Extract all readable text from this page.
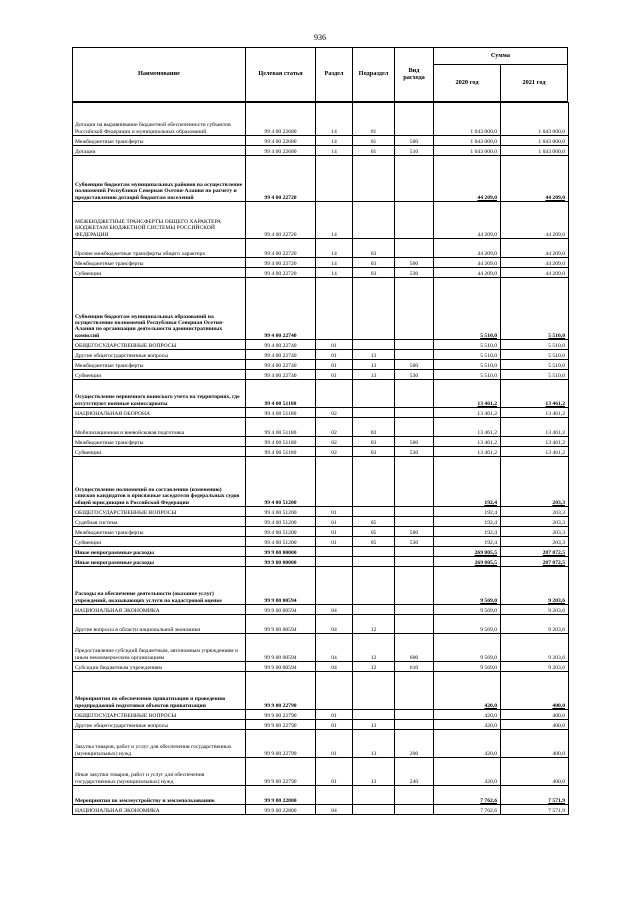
936
Наименование	Целевая статья	Раздел	Подраздел	Вид расхода
Сумма
2020 год	2021 год
Дотации на выравнивание бюджетной обеспеченности субъектов Российской Федерации и муниципальных образований	99 4 00 22680	14	01		1 043 000,0	1 043 000,0
Межбюджетные трансферты	99 4 00 22680	14	01	500	1 043 000,0	1 043 000,0
Дотации	99 4 00 22680	14	01	510	1 043 000,0	1 043 000,0
Субвенции бюджетам муниципальных районов на осуществление полномочий Республики Северная Осетия-Алания по расчету и предоставлению дотаций бюджетам поселений	99 4 00 22720				44 209,0	44 209,0
МЕЖБЮДЖЕТНЫЕ ТРАНСФЕРТЫ ОБЩЕГО ХАРАКТЕРА БЮДЖЕТАМ БЮДЖЕТНОЙ СИСТЕМЫ РОССИЙСКОЙ ФЕДЕРАЦИИ	99 4 00 22720	14			44 209,0	44 209,0
Прочие межбюджетные трансферты общего характера	99 4 00 22720	14	03		44 209,0	44 209,0
Межбюджетные трансферты	99 4 00 22720	14	03	500	44 209,0	44 209,0
Субвенции	99 4 00 22720	14	03	530	44 209,0	44 209,0
Субвенции бюджетам муниципальных образований на осуществление полномочий Республики Северная Осетия-Алания по организации деятельности административных комиссий	99 4 00 22740				5 510,0	5 510,0
ОБЩЕГОСУДАРСТВЕННЫЕ ВОПРОСЫ	99 4 00 22740	01			5 510,0	5 510,0
Другие общегосударственные вопросы	99 4 00 22740	01	13		5 510,0	5 510,0
Межбюджетные трансферты	99 4 00 22740	01	13	500	5 510,0	5 510,0
Субвенции	99 4 00 22740	01	13	530	5 510,0	5 510,0
Осуществление первичного воинского учета на территориях, где отсутствуют военные комиссариаты	99 4 00 51180				13 461,2	13 461,2
НАЦИОНАЛЬНАЯ ОБОРОНА	99 4 00 51180	02			13 461,2	13 461,2
Мобилизационная и вневойсковая подготовка	99 4 00 51180	02	03		13 461,2	13 461,2
Межбюджетные трансферты	99 4 00 51180	02	03	500	13 461,2	13 461,2
Субвенции	99 4 00 51180	02	03	530	13 461,2	13 461,2
Осуществление полномочий по составлению (изменению) списков кандидатов в присяжные заседатели федеральных судов общей юрисдикции в Российской Федерации	99 4 00 51200				192,4	203,3
ОБЩЕГОСУДАРСТВЕННЫЕ ВОПРОСЫ	99 4 00 51200	01			192,4	203,3
Судебная система	99 4 00 51200	01	05		192,4	203,3
Межбюджетные трансферты	99 4 00 51200	01	05	500	192,4	203,3
Субвенции	99 4 00 51200	01	05	530	192,4	203,3
Иные непрограммные расходы	99 9 00 00000				269 805,5	287 072,5
Иные непрограммные расходы	99 9 00 00000				269 805,5	287 072,5
Расходы на обеспечение деятельности (оказание услуг) учреждений, оказывающих услуги по кадастровой оценке	99 9 00 00594				9 569,0	9 203,6
НАЦИОНАЛЬНАЯ ЭКОНОМИКА	99 9 00 00594	04			9 569,0	9 203,6
Другие вопросы в области национальной экономики	99 9 00 00594	04	12		9 569,0	9 203,6
Предоставление субсидий бюджетным, автономным учреждениям и иным некоммерческим организациям	99 9 00 00594	04	12	600	9 569,0	9 203,6
Субсидии бюджетным учреждениям	99 9 00 00594	04	12	610	9 569,0	9 203,6
Мероприятия по обеспечению приватизации и проведению предпродажной подготовки объектов приватизации	99 9 00 22790				420,0	400,0
ОБЩЕГОСУДАРСТВЕННЫЕ ВОПРОСЫ	99 9 00 22790	01			420,0	400,0
Другие общегосударственные вопросы	99 9 00 22790	01	13		420,0	400,0
Закупка товаров, работ и услуг для обеспечения государственных (муниципальных) нужд	99 9 00 22790	01	13	200	420,0	400,0
Иные закупки товаров, работ и услуг для обеспечения государственных (муниципальных) нужд	99 9 00 22790	01	13	240	420,0	400,0
Мероприятия по землеустройству и землепользованию	99 9 00 22800				7 762,6	7 571,9
НАЦИОНАЛЬНАЯ ЭКОНОМИКА	99 9 00 22800	04			7 762,6	7 571,9
